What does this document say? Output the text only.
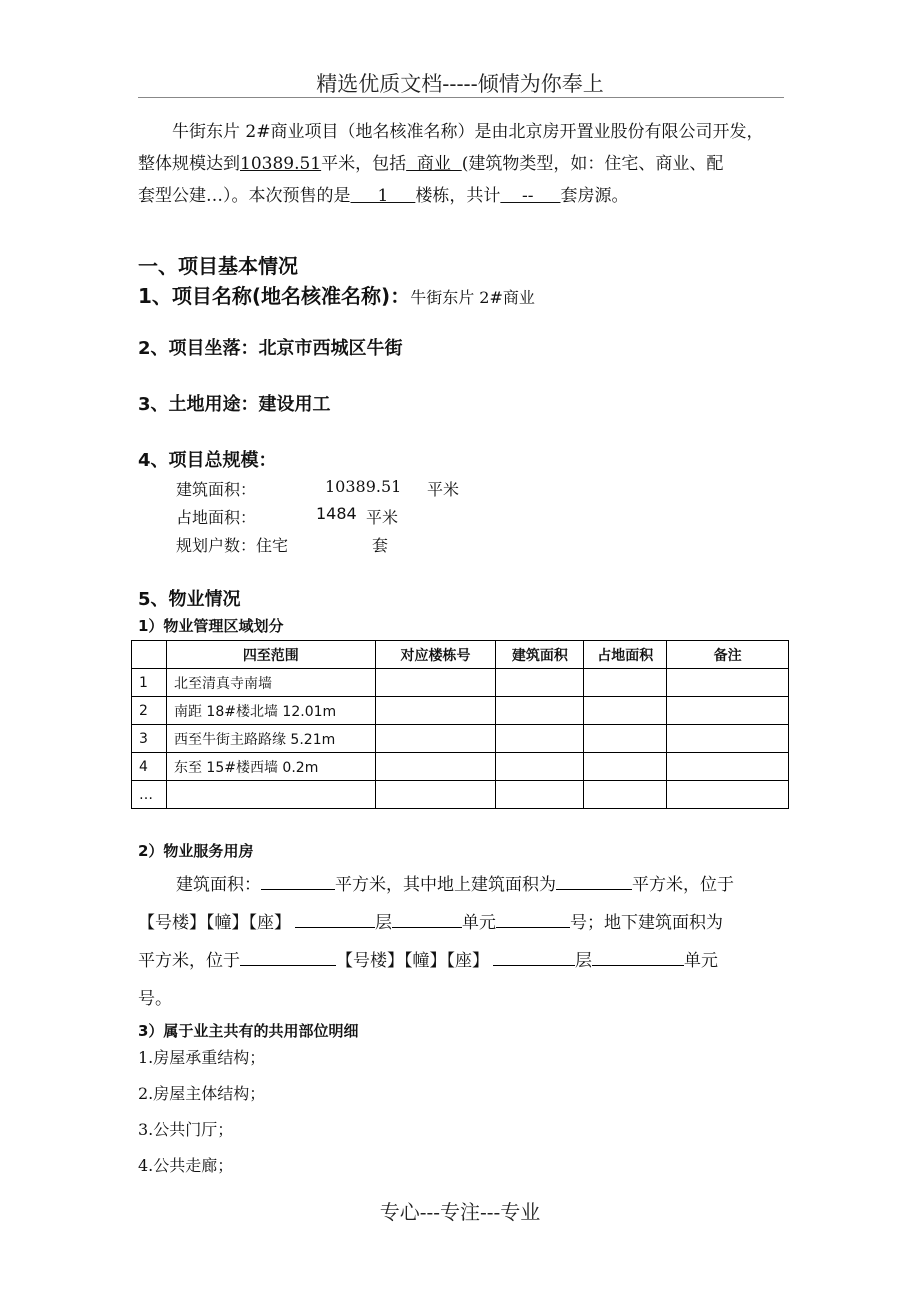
精选优质文档-----倾情为你奉上

牛街东片 2#商业项目（地名核准名称）是由北京房开置业股份有限公司开发，

整体规模达到10389.51平米，包括  商业  (建筑物类型，如：住宅、商业、配
套型公建…）。本次预售的是     1     楼栋，共计    --     套房源。
一、项目基本情况
1、项目名称(地名核准名称)：牛街东片 2#商业
2、项目坐落：北京市西城区牛街
3、土地用途：建设用工
4、项目总规模：
建筑面积：	10389.51 平米
占地面积：	1484 平米
规划户数：住宅	套
5、物业情况
1）物业管理区域划分
	四至范围	对应楼栋号	建筑面积	占地面积	备注
1	北至清真寺南墙				
2	南距 18#楼北墙 12.01m				
3	西至牛街主路路缘 5.21m				
4	东至 15#楼西墙 0.2m				
…					
2）物业服务用房

建筑面积：	平方米，其中地上建筑面积为	平方米，位于

【号楼】【幢】【座】	层	单元	号；地下建筑面积为

平方米，位于	【号楼】【幢】【座】	层	单元

号。

3）属于业主共有的共用部位明细
1.房屋承重结构；
2.房屋主体结构；
3.公共门厅；
4.公共走廊；
专心---专注---专业
